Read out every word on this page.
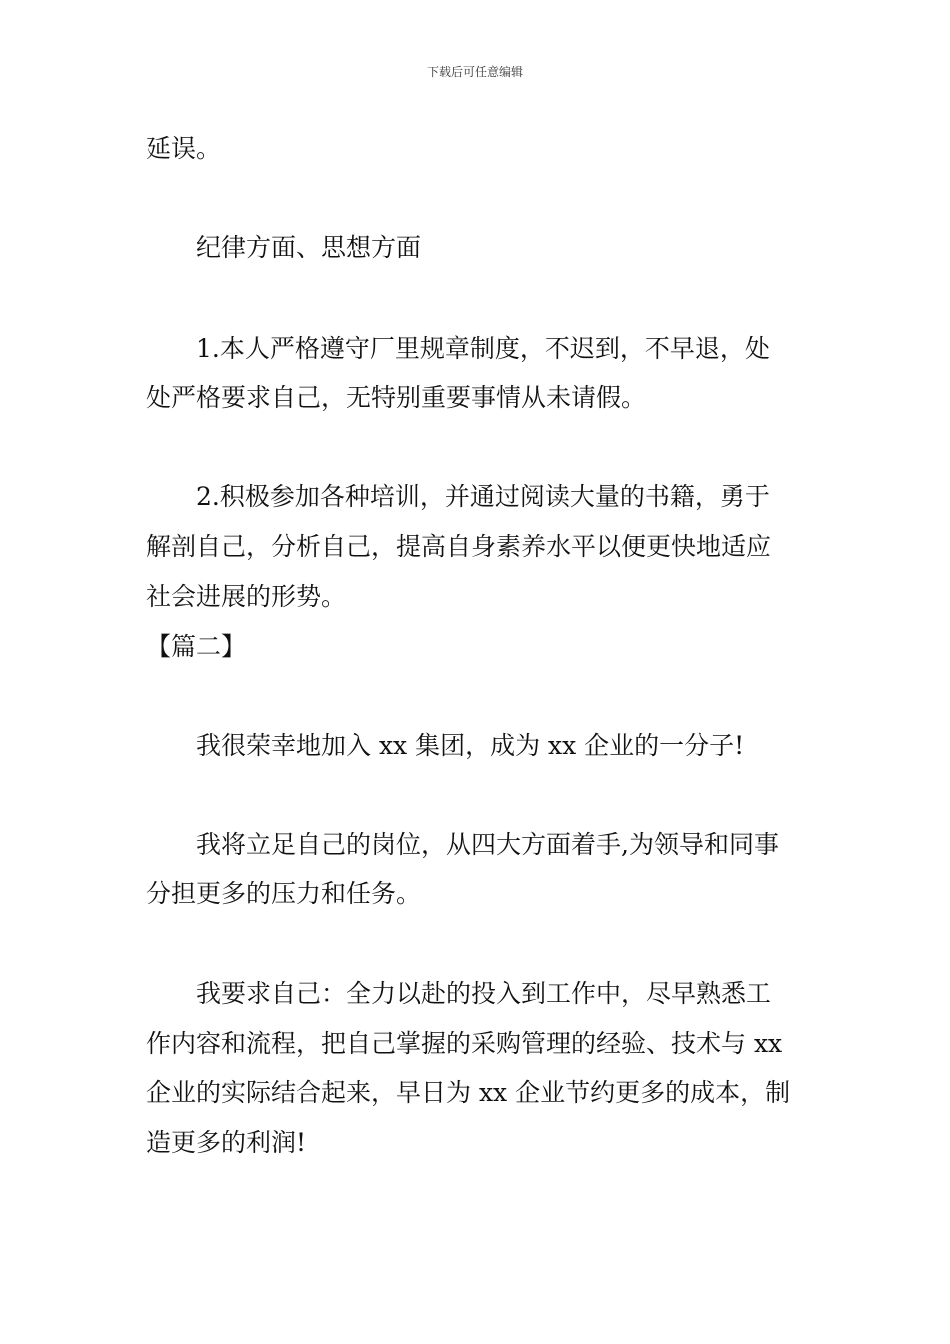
下载后可任意编辑
延误。
纪律方面、思想方面
1.本人严格遵守厂里规章制度，不迟到，不早退，处
处严格要求自己，无特别重要事情从未请假。
2.积极参加各种培训，并通过阅读大量的书籍，勇于
解剖自己，分析自己，提高自身素养水平以便更快地适应
社会进展的形势。
【篇二】
我很荣幸地加入 xx 集团，成为 xx 企业的一分子!
我将立足自己的岗位，从四大方面着手,为领导和同事
分担更多的压力和任务。
我要求自己：全力以赴的投入到工作中，尽早熟悉工
作内容和流程，把自己掌握的采购管理的经验、技术与 xx
企业的实际结合起来，早日为 xx 企业节约更多的成本，制
造更多的利润!
